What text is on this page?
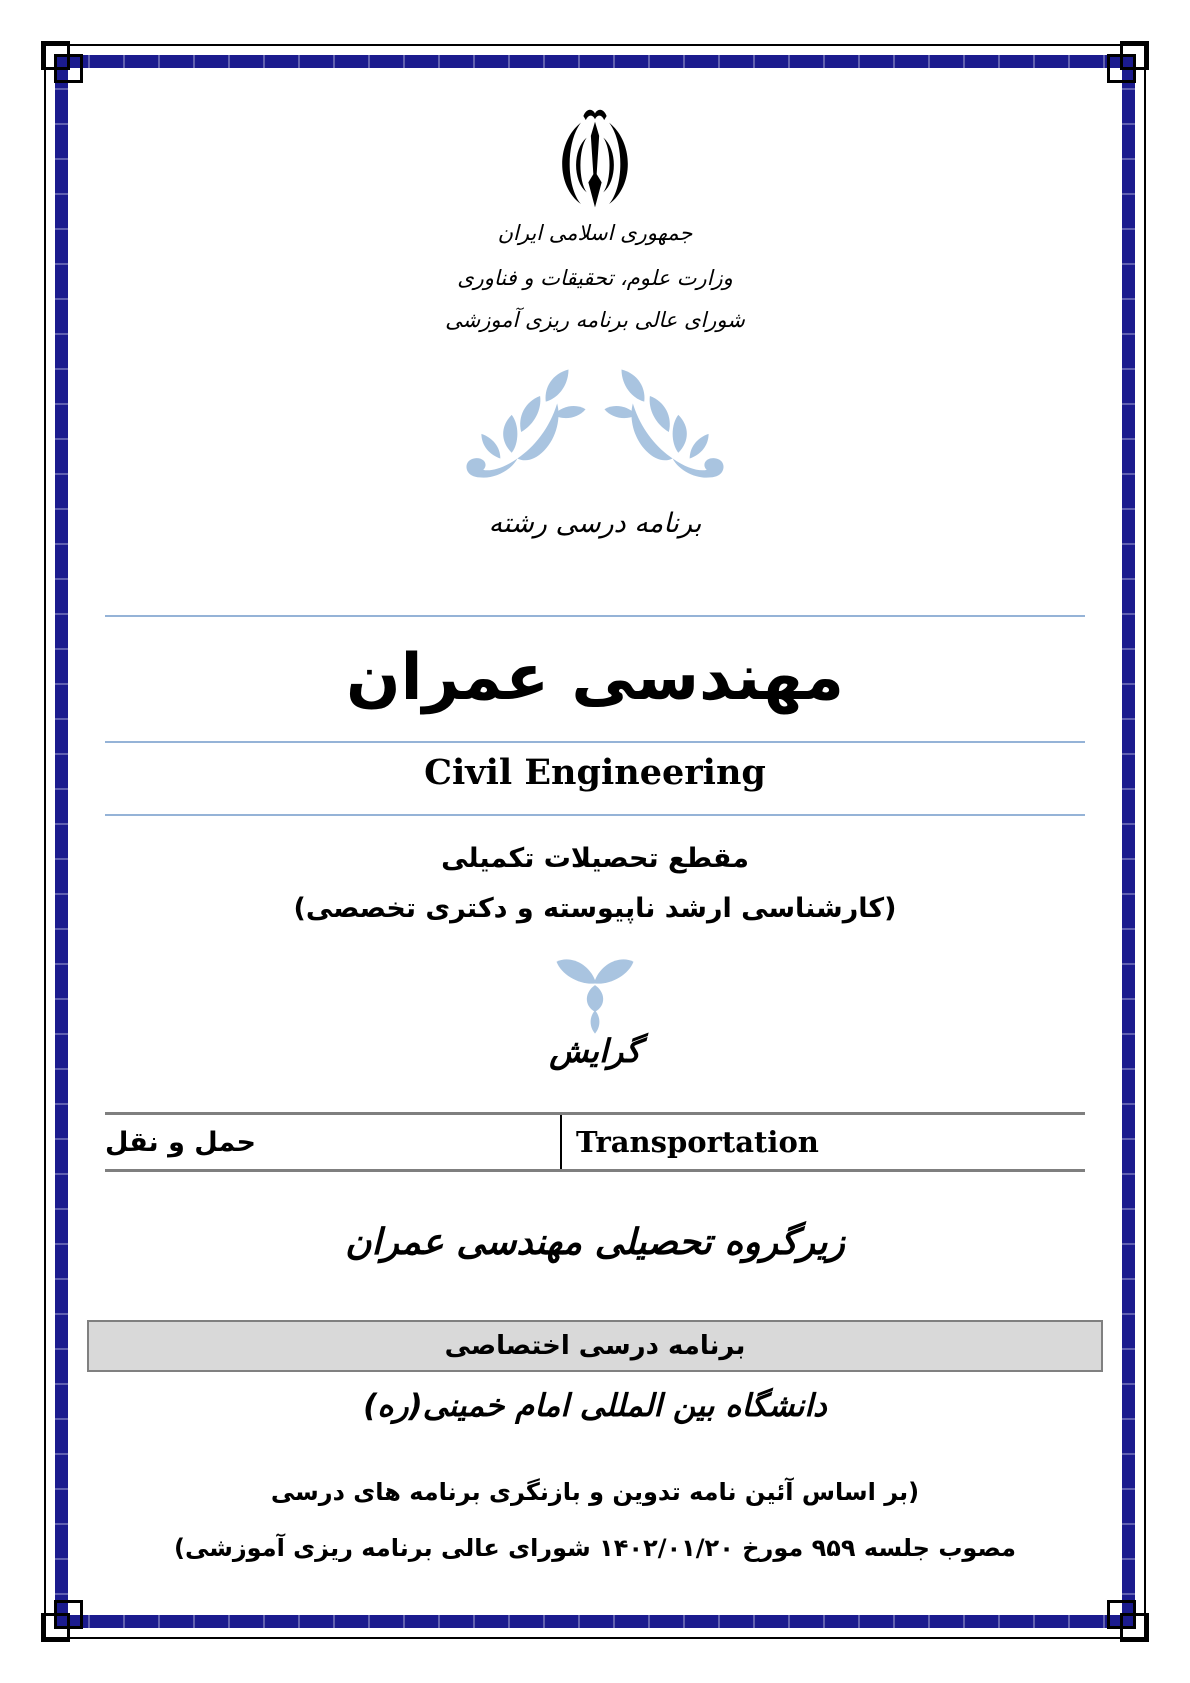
جمهوری اسلامی ایران
وزارت علوم، تحقیقات و فناوری
شورای عالی برنامه ریزی آموزشی
برنامه درسی رشته
مهندسی عمران
Civil Engineering
مقطع تحصیلات تکمیلی
(کارشناسی ارشد ناپیوسته و دکتری تخصصی)
گرایش
حمل و نقل	Transportation
زیرگروه تحصیلی مهندسی عمران
برنامه درسی اختصاصی
دانشگاه بین المللی امام خمینی(ره)
(بر اساس آئین نامه تدوین و بازنگری برنامه های درسی
مصوب جلسه ۹۵۹ مورخ ۱۴۰۲/۰۱/۲۰ شورای عالی برنامه ریزی آموزشی)
